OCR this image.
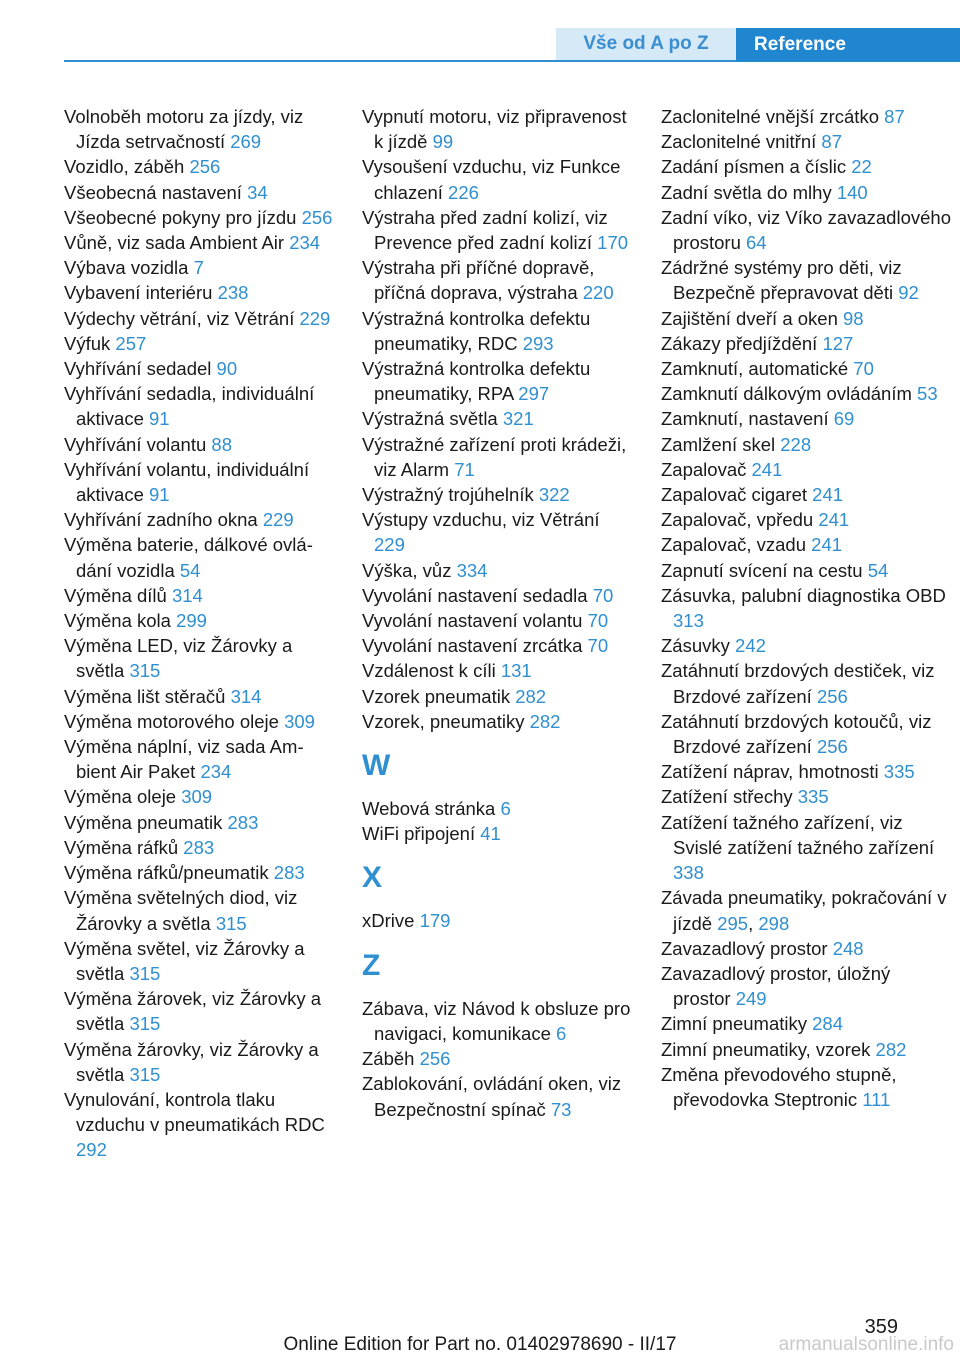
Vše od A po Z	Reference
Volnoběh motoru za jízdy, viz Jízda setrvačností 269
Vozidlo, záběh 256
Všeobecná nastavení 34
Všeobecné pokyny pro jízdu 256
Vůně, viz sada Ambient Air 234
Výbava vozidla 7
Vybavení interiéru 238
Výdechy větrání, viz Větrání 229
Výfuk 257
Vyhřívání sedadel 90
Vyhřívání sedadla, individuální aktivace 91
Vyhřívání volantu 88
Vyhřívání volantu, individuální aktivace 91
Vyhřívání zadního okna 229
Výměna baterie, dálkové ovládání vozidla 54
Výměna dílů 314
Výměna kola 299
Výměna LED, viz Žárovky a světla 315
Výměna lišt stěračů 314
Výměna motorového oleje 309
Výměna náplní, viz sada Ambient Air Paket 234
Výměna oleje 309
Výměna pneumatik 283
Výměna ráfků 283
Výměna ráfků/pneumatik 283
Výměna světelných diod, viz Žárovky a světla 315
Výměna světel, viz Žárovky a světla 315
Výměna žárovek, viz Žárovky a světla 315
Výměna žárovky, viz Žárovky a světla 315
Vynulování, kontrola tlaku vzduchu v pneumatikách RDC 292
Vypnutí motoru, viz připravenost k jízdě 99
Vysoušení vzduchu, viz Funkce chlazení 226
Výstraha před zadní kolizí, viz Prevence před zadní kolizí 170
Výstraha při příčné dopravě, příčná doprava, výstraha 220
Výstražná kontrolka defektu pneumatiky, RDC 293
Výstražná kontrolka defektu pneumatiky, RPA 297
Výstražná světla 321
Výstražné zařízení proti krádeži, viz Alarm 71
Výstražný trojúhelník 322
Výstupy vzduchu, viz Větrání 229
Výška, vůz 334
Vyvolání nastavení sedadla 70
Vyvolání nastavení volantu 70
Vyvolání nastavení zrcátka 70
Vzdálenost k cíli 131
Vzorek pneumatik 282
Vzorek, pneumatiky 282
W
Webová stránka 6
WiFi připojení 41
X
xDrive 179
Z
Zábava, viz Návod k obsluze pro navigaci, komunikace 6
Záběh 256
Zablokování, ovládání oken, viz Bezpečnostní spínač 73
Zaclonitelné vnější zrcátko 87
Zaclonitelné vnitřní 87
Zadání písmen a číslic 22
Zadní světla do mlhy 140
Zadní víko, viz Víko zavazadlového prostoru 64
Zádržné systémy pro děti, viz Bezpečně přepravovat děti 92
Zajištění dveří a oken 98
Zákazy předjíždění 127
Zamknutí, automatické 70
Zamknutí dálkovým ovládáním 53
Zamknutí, nastavení 69
Zamlžení skel 228
Zapalovač 241
Zapalovač cigaret 241
Zapalovač, vpředu 241
Zapalovač, vzadu 241
Zapnutí svícení na cestu 54
Zásuvka, palubní diagnostika OBD 313
Zásuvky 242
Zatáhnutí brzdových destiček, viz Brzdové zařízení 256
Zatáhnutí brzdových kotoučů, viz Brzdové zařízení 256
Zatížení náprav, hmotnosti 335
Zatížení střechy 335
Zatížení tažného zařízení, viz Svislé zatížení tažného zařízení 338
Závada pneumatiky, pokračování v jízdě 295, 298
Zavazadlový prostor 248
Zavazadlový prostor, úložný prostor 249
Zimní pneumatiky 284
Zimní pneumatiky, vzorek 282
Změna převodového stupně, převodovka Steptronic 111
359
Online Edition for Part no. 01402978690 - II/17	armanualsonline.info
